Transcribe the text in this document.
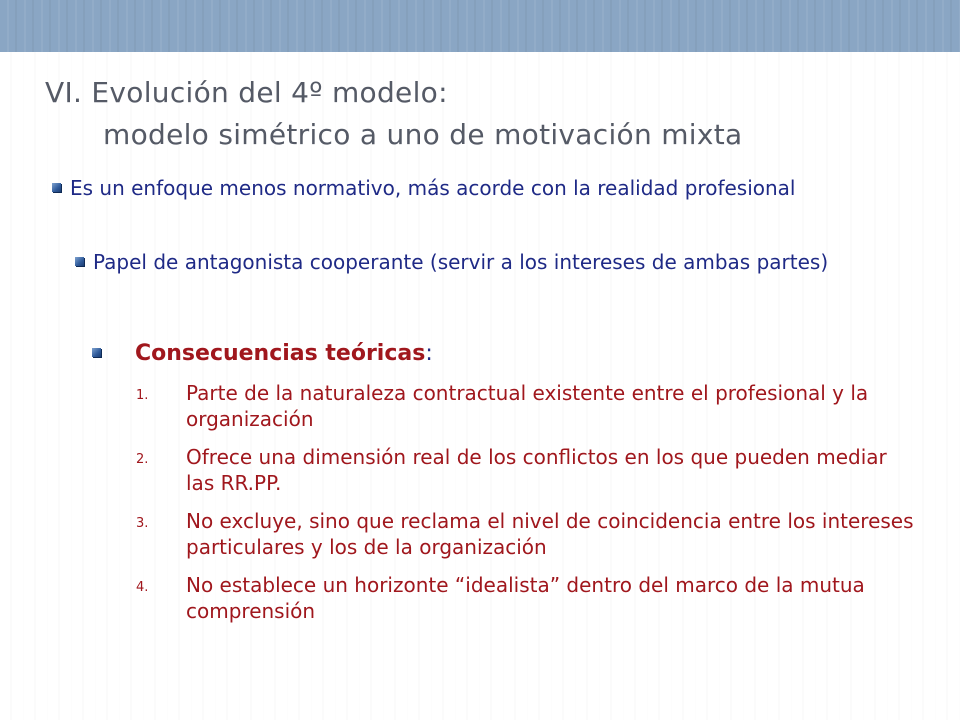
VI. Evolución del 4º modelo:
modelo simétrico a uno de motivación mixta

Es un enfoque menos normativo, más acorde con la realidad profesional

Papel de antagonista cooperante (servir a los intereses de ambas partes)

Consecuencias teóricas:

1. Parte de la naturaleza contractual existente entre el profesional y la organización
2. Ofrece una dimensión real de los conflictos en los que pueden mediar las RR.PP.
3. No excluye, sino que reclama el nivel de coincidencia entre los intereses particulares y los de la organización
4. No establece un horizonte “idealista” dentro del marco de la mutua comprensión
